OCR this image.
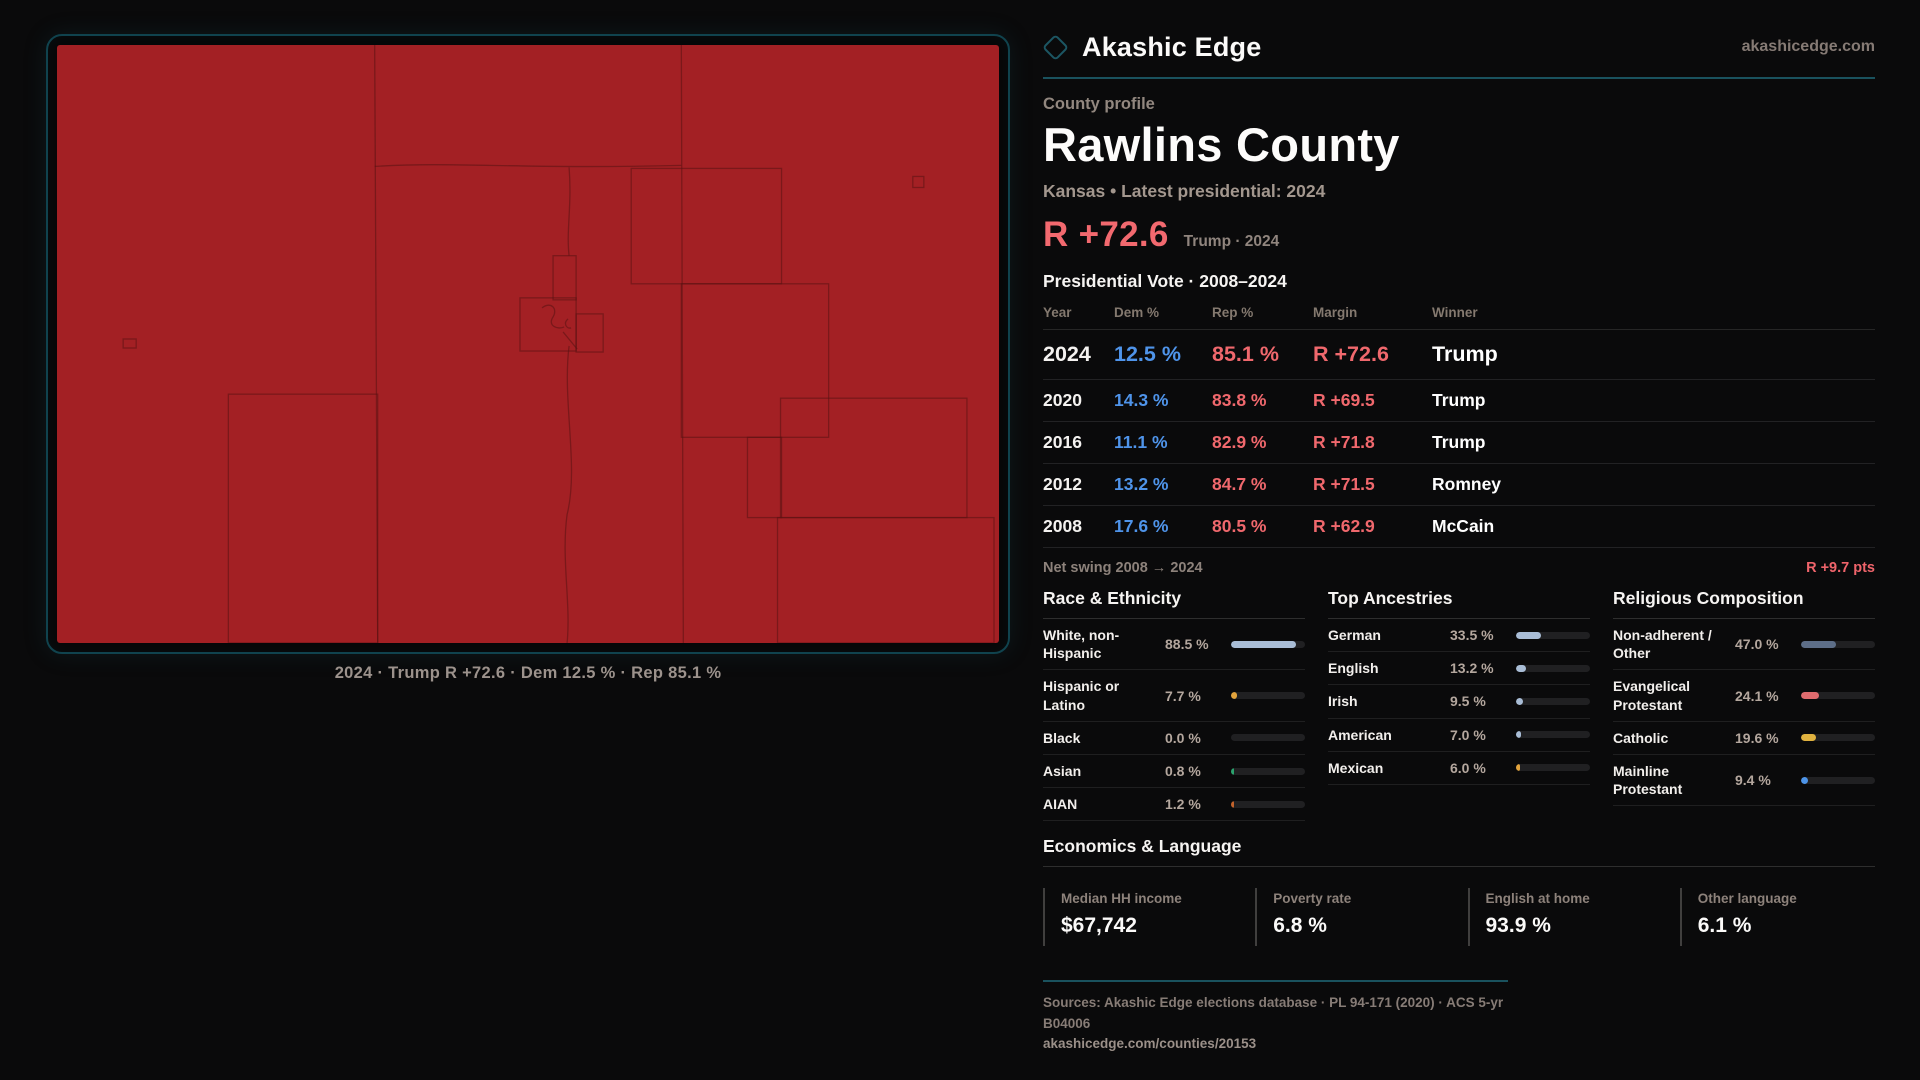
2024 · Trump R +72.6 · Dem 12.5 % · Rep 85.1 %
Akashic Edge	akashicedge.com
County profile
Rawlins County
Kansas • Latest presidential: 2024
R +72.6 Trump · 2024
Presidential Vote · 2008–2024
Year	Dem %	Rep %	Margin	Winner
2024	12.5 %	85.1 %	R +72.6	Trump
2020	14.3 %	83.8 %	R +69.5	Trump
2016	11.1 %	82.9 %	R +71.8	Trump
2012	13.2 %	84.7 %	R +71.5	Romney
2008	17.6 %	80.5 %	R +62.9	McCain
Net swing 2008 → 2024	R +9.7 pts
Race & Ethnicity
White, non-Hispanic
88.5 %
Hispanic or Latino
7.7 %
Black	0.0 %
Asian	0.8 %
AIAN	1.2 %
Top Ancestries
German	33.5 %
English	13.2 %
Irish	9.5 %
American	7.0 %
Mexican	6.0 %
Religious Composition
Non-adherent / Other
47.0 %
Evangelical Protestant
24.1 %
Catholic	19.6 %
Mainline Protestant
9.4 %
Economics & Language
Median HH income
$67,742
Poverty rate
6.8 %
English at home
93.9 %
Other language
6.1 %
Sources: Akashic Edge elections database · PL 94-171 (2020) · ACS 5-yr B04006
akashicedge.com/counties/20153
